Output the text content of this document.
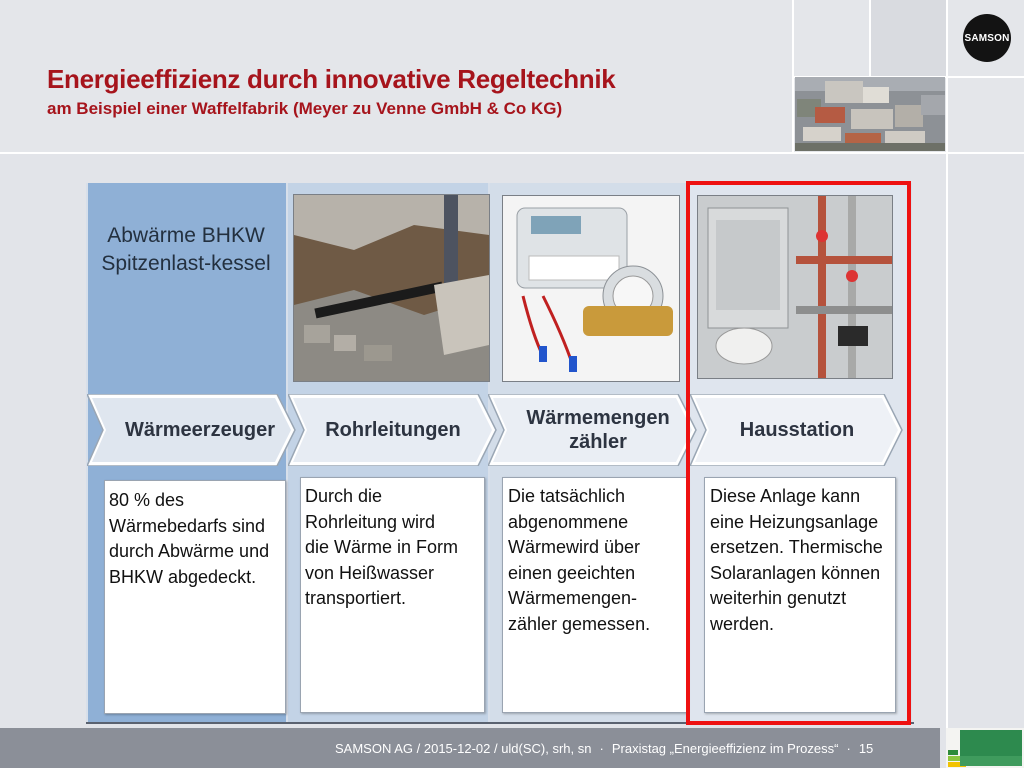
SAMSON
Energieeffizienz durch innovative Regeltechnik
am Beispiel einer Waffelfabrik (Meyer zu Venne GmbH & Co KG)
Abwärme BHKW Spitzenlast-kessel
Wärmeerzeuger	Rohrleitungen
Wärmemengen zähler
Hausstation
80 % des Wärmebedarfs sind durch Abwärme und BHKW abgedeckt.
Durch die Rohrleitung wird die Wärme in Form von Heißwasser transportiert.
Die tatsächlich abgenommene Wärmewird über einen geeichten Wärmemengen-zähler gemessen.
Diese Anlage kann eine Heizungsanlage ersetzen. Thermische Solaranlagen können weiterhin genutzt werden.
SAMSON AG / 2015-12-02 / uld(SC), srh, sn · Praxistag „Energieeffizienz im Prozess“ · 15
